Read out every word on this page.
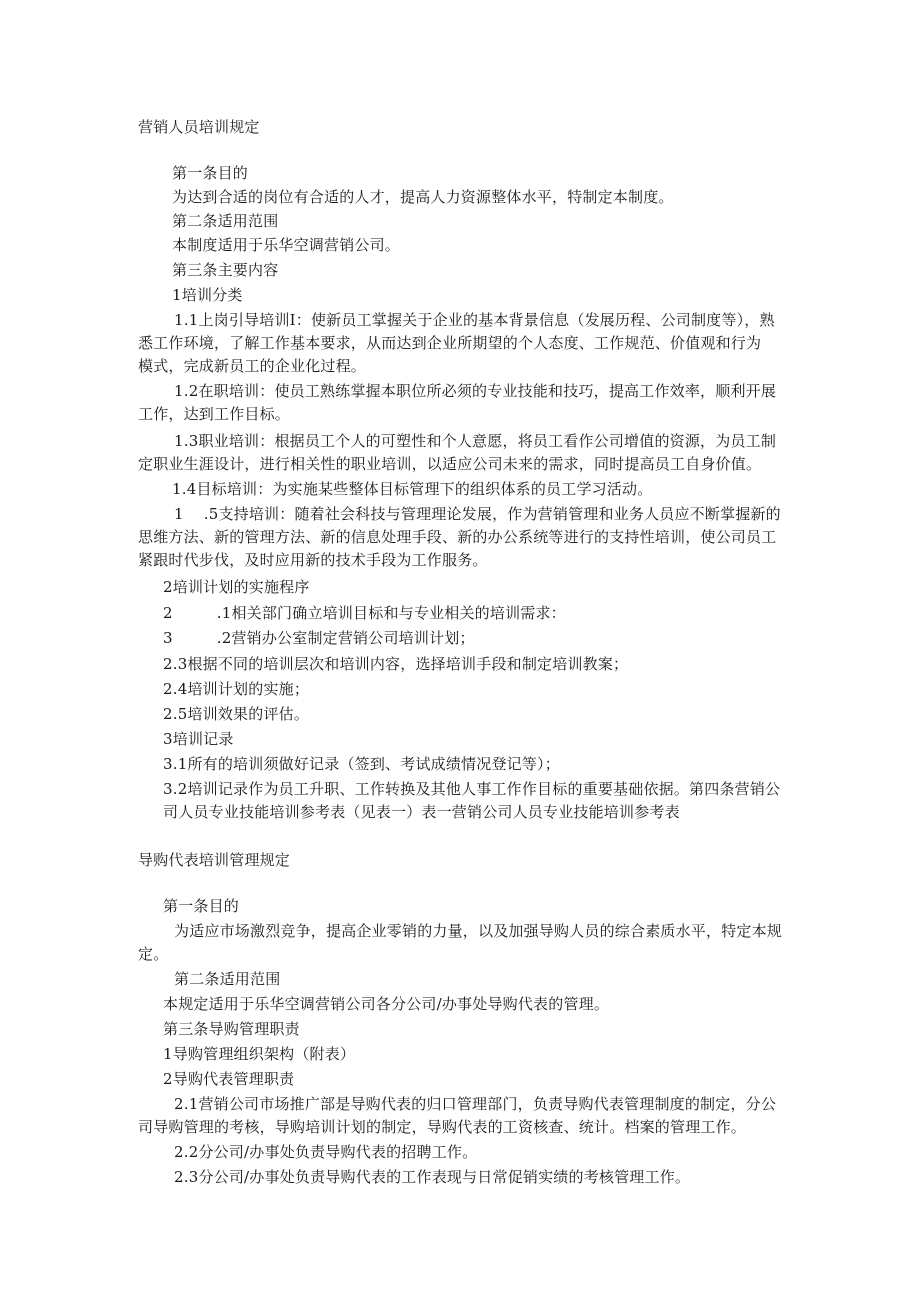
营销人员培训规定
第一条目的
为达到合适的岗位有合适的人才，提高人力资源整体水平，特制定本制度。
第二条适用范围
本制度适用于乐华空调营销公司。
第三条主要内容
1培训分类
1.1上岗引导培训I：使新员工掌握关于企业的基本背景信息（发展历程、公司制度等），熟
悉工作环境，了解工作基本要求，从而达到企业所期望的个人态度、工作规范、价值观和行为
模式，完成新员工的企业化过程。
1.2在职培训：使员工熟练掌握本职位所必须的专业技能和技巧，提高工作效率，顺利开展
工作，达到工作目标。
1.3职业培训：根据员工个人的可塑性和个人意愿，将员工看作公司增值的资源，为员工制
定职业生涯设计，进行相关性的职业培训，以适应公司未来的需求，同时提高员工自身价值。
1.4目标培训：为实施某些整体目标管理下的组织体系的员工学习活动。
1 .5支持培训：随着社会科技与管理理论发展，作为营销管理和业务人员应不断掌握新的
思维方法、新的管理方法、新的信息处理手段、新的办公系统等进行的支持性培训，使公司员工
紧跟时代步伐，及时应用新的技术手段为工作服务。
2培训计划的实施程序
2	.1相关部门确立培训目标和与专业相关的培训需求：
3	.2营销办公室制定营销公司培训计划；
2.3根据不同的培训层次和培训内容，选择培训手段和制定培训教案；
2.4培训计划的实施；
2.5培训效果的评估。
3培训记录
3.1所有的培训须做好记录（签到、考试成绩情况登记等）；
3.2培训记录作为员工升职、工作转换及其他人事工作作目标的重要基础依据。第四条营销公
司人员专业技能培训参考表（见表一）表一营销公司人员专业技能培训参考表
导购代表培训管理规定
第一条目的
为适应市场激烈竞争，提高企业零销的力量，以及加强导购人员的综合素质水平，特定本规
定。
第二条适用范围
本规定适用于乐华空调营销公司各分公司/办事处导购代表的管理。
第三条导购管理职责
1导购管理组织架构（附表）
2导购代表管理职责
2.1营销公司市场推广部是导购代表的归口管理部门，负责导购代表管理制度的制定，分公
司导购管理的考核，导购培训计划的制定，导购代表的工资核查、统计。档案的管理工作。
2.2分公司/办事处负责导购代表的招聘工作。
2.3分公司/办事处负责导购代表的工作表现与日常促销实绩的考核管理工作。
